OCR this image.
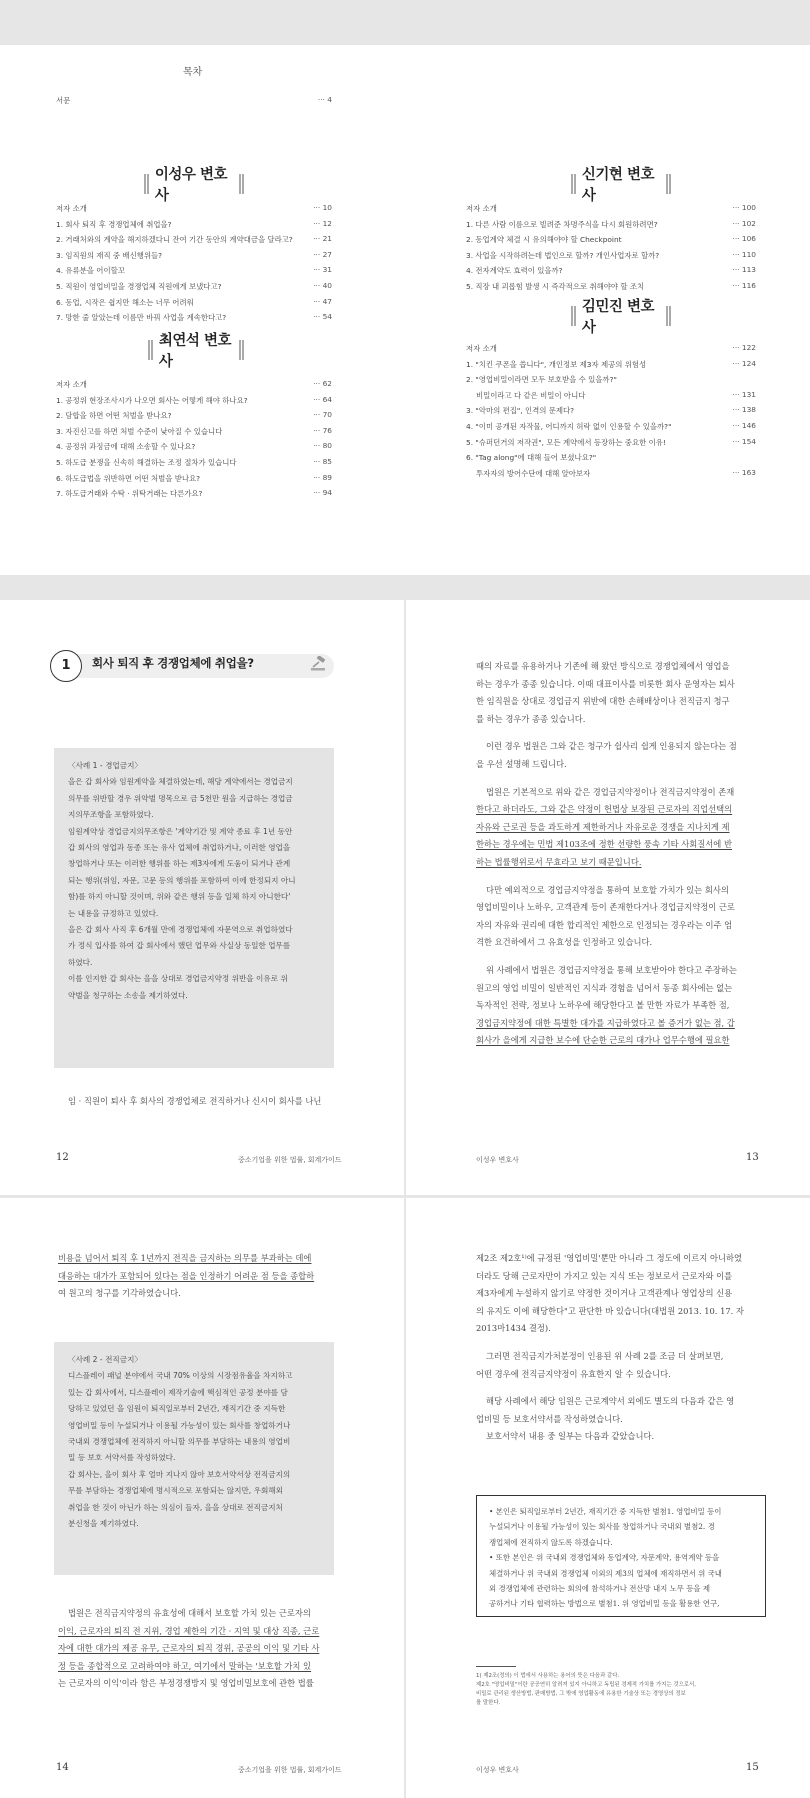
목차
서문	··· 4
이성우 변호사
최연석 변호사
신기현 변호사
김민진 변호사
저자 소개	··· 10
1. 회사 퇴직 후 경쟁업체에 취업을?	··· 12
2. 거래처와의 계약을 해지하겠다니 잔여 기간 동안의 계약대금을 달라고?	··· 21
3. 임직원의 재직 중 배신행위들?	··· 27
4. 유류분을 어이할꼬	··· 31
5. 직원이 영업비밀을 경쟁업체 직원에게 보냈다고?	··· 40
6. 동업, 시작은 쉽지만 해소는 너무 어려워	··· 47
7. 망한 줄 알았는데 이름만 바꿔 사업을 계속한다고?	··· 54
저자 소개	··· 62
1. 공정위 현장조사시가 나오면 회사는 어떻게 해야 하나요?	··· 64
2. 담합을 하면 어떤 처벌을 받나요?	··· 70
3. 자진신고를 하면 처벌 수준이 낮아질 수 있습니다	··· 76
4. 공정위 과징금에 대해 소송할 수 있나요?	··· 80
5. 하도급 분쟁을 신속히 해결하는 조정 절차가 있습니다	··· 85
6. 하도급법을 위반하면 어떤 처벌을 받나요?	··· 89
7. 하도급거래와 수탁 · 위탁거래는 다른가요?	··· 94
저자 소개	··· 100
1. 다른 사람 이름으로 빌려준 차명주식을 다시 회원하려면?	··· 102
2. 동업계약 체결 시 유의해야야 할 Checkpoint	··· 106
3. 사업을 시작하려는데 법인으로 할까? 개인사업자로 할까?	··· 110
4. 전자계약도 효력이 있을까?	··· 113
5. 직장 내 괴롭힘 발생 시 즉각적으로 취해야야 할 조치	··· 116
저자 소개	··· 122
1. "치킨 쿠폰을 씁니다", 개인정보 제3자 제공의 위험성	··· 124
2. "영업비밀이라면 모두 보호받을 수 있을까?"
비밀이라고 다 같은 비밀이 아니다	··· 131
3. "악마의 편집", 인격의 문제다?	··· 138
4. "이미 공개된 자작물, 어디까지 허락 없이 인용할 수 있을까?"	··· 146
5. "슈퍼던거의 저작권", 모든 계약에서 등장하는 중요한 이유!	··· 154
6. "Tag along"에 대해 들어 보셨나요?"
투자자의 방어수단에 대해 알아보자	··· 163
1	회사 퇴직 후 경쟁업체에 취업을?
〈사례 1 - 경업금지〉
을은 갑 회사와 임원계약을 체결하였는데, 해당 계약에서는 경업금지
의무를 위반할 경우 위약벌 명목으로 금 5천만 원을 지급하는 경업금
지의무조항을 포함하였다.
임원계약상 경업금지의무조항은 '계약기간 및 계약 종료 후 1년 동안
갑 회사의 영업과 동종 또는 유사 업체에 취업하거나, 이러한 영업을
창업하거나 또는 이러한 행위를 하는 제3자에게 도움이 되거나 관계
되는 행위(위임, 자문, 고문 등의 행위를 포함하여 이에 한정되지 아니
함)를 하지 아니할 것이며, 위와 같은 행위 등을 일체 하지 아니한다'
는 내용을 규정하고 있었다.
을은 갑 회사 사직 후 6개월 만에 경쟁업체에 자문역으로 취업하였다
가 정식 입사를 하여 갑 회사에서 했던 업무와 사실상 동일한 업무를
하였다.
이를 인지한 갑 회사는 을을 상대로 경업금지약정 위반을 이유로 위
약벌을 청구하는 소송을 제기하였다.
임 · 직원이 퇴사 후 회사의 경쟁업체로 전직하거나 신시이 회사를 나닌
12	중소기업을 위한 법률, 회계가이드
때의 자료를 유용하거나 기존에 해 왔던 방식으로 경쟁업체에서 영업을
하는 경우가 종종 있습니다. 이때 대표이사를 비롯한 회사 운영자는 퇴사
한 임직원을 상대로 경업금지 위반에 대한 손해배상이나 전직금지 청구
를 하는 경우가 종종 있습니다.
이런 경우 법원은 그와 같은 청구가 쉽사리 쉽게 인용되지 않는다는 점
을 우선 설명해 드립니다.
법원은 기본적으로 위와 같은 경업금지약정이나 전직금지약정이 존재
한다고 하더라도, 그와 같은 약정이 헌법상 보장된 근로자의 직업선택의
자유와 근로권 등을 과도하게 제한하거나 자유로운 경쟁을 지나치게 제
한하는 경우에는 민법 제103조에 정한 선량한 풍속 기타 사회질서에 반
하는 법률행위로서 무효라고 보기 때문입니다.
다만 예외적으로 경업금지약정을 통하여 보호할 가치가 있는 회사의
영업비밀이나 노하우, 고객관계 등이 존재한다거나 경업금지약정이 근로
자의 자유와 권리에 대한 합리적인 제한으로 인정되는 경우라는 이주 엄
격한 요건하에서 그 유효성을 인정하고 있습니다.
위 사례에서 법원은 경업금지약정을 통해 보호받아야 한다고 주장하는
원고의 영업 비밀이 일반적인 지식과 경험을 넘어서 동종 회사에는 없는
독자적인 전략, 정보나 노하우에 해당한다고 볼 만한 자료가 부족한 점,
경업금지약정에 대한 특별한 대가를 지급하였다고 볼 증거가 없는 점, 갑
회사가 을에게 지급한 보수에 단순한 근로의 대가나 업무수행에 필요한
이성우 변호사	13
비용을 넘어서 퇴직 후 1년까지 전직을 금지하는 의무를 부과하는 데에
대응하는 대가가 포함되어 있다는 점을 인정하기 어려운 점 등을 종합하
여 원고의 청구를 기각하였습니다.
〈사례 2 - 전직금지〉
디스플레이 패널 분야에서 국내 70% 이상의 시장점유율을 차지하고
있는 갑 회사에서, 디스플레이 제작기술에 핵심적인 공정 분야를 담
당하고 있었던 을 임원이 퇴직일로부터 2년간, 재직기간 중 지득한
영업비밀 등이 누설되거나 이용될 가능성이 있는 회사를 창업하거나
국내외 경쟁업체에 전직하지 아니할 의무를 부담하는 내용의 영업비
밀 등 보호 서약서를 작성하였다.
갑 회사는, 을이 회사 후 얼마 지나지 않아 보호서약서상 전직금지의
무를 부담하는 경쟁업체에 명시적으로 포함되는 않지만, 우회해외
취업을 한 것이 아닌가 하는 의심이 들자, 을을 상대로 전직금지처
분신청을 제기하였다.
법원은 전직금지약정의 유효성에 대해서 보호할 가치 있는 근로자의
이익, 근로자의 퇴직 전 지위, 경업 제한의 기간 · 지역 및 대상 직종, 근로
자에 대한 대가의 제공 유무, 근로자의 퇴직 경위, 공공의 이익 및 기타 사
정 등을 종합적으로 고려하여야 하고, 여기에서 말하는 '보호할 가치 있
는 근로자의 이익'이라 함은 부정경쟁방지 및 영업비밀보호에 관한 법률
14	중소기업을 위한 법률, 회계가이드
제2조 제2호¹⁾에 규정된 '영업비밀'뿐만 아니라 그 정도에 이르지 아니하였
더라도 당해 근로자만이 가지고 있는 지식 또는 정보로서 근로자와 이를
제3자에게 누설하지 않기로 약정한 것이거나 고객관계나 영업상의 신용
의 유지도 이에 해당한다"고 판단한 바 있습니다(대법원 2013. 10. 17. 자
2013마1434 결정).
그러면 전직금지가처분정이 인용된 위 사례 2를 조금 더 살펴보면,
어떤 경우에 전직금지약정이 유효한지 알 수 있습니다.
해당 사례에서 해당 임원은 근로계약서 외에도 별도의 다음과 같은 영
업비밀 등 보호서약서를 작성하였습니다.
보호서약서 내용 중 일부는 다음과 같았습니다.
• 본인은 퇴직일로부터 2년간, 재직기간 중 지득한 별첨1. 영업비밀 등이
누설되거나 이용될 가능성이 있는 회사를 창업하거나 국내외 별첨2. 경
쟁업체에 전직하지 않도록 하겠습니다.
• 또한 본인은 위 국내외 경쟁업체와 동업계약, 자문계약, 용역계약 등을
체결하거나 위 국내외 경쟁업체 이외의 제3의 업체에 재직하면서 위 국내
외 경쟁업체에 관련하는 회의에 참석하거나 전산망 내지 노무 등을 제
공하거나 기타 협력하는 방법으로 별첨1. 위 영업비밀 등을 활용한 연구,
1) 제2조(정의) 이 법에서 사용하는 용어의 뜻은 다음과 같다.
제2호 "영업비밀"이란 공공연히 알려져 있지 아니하고 독립된 경제적 가치를 가지는 것으로서,
비밀로 관리된 생산방법, 판매방법, 그 밖에 영업활동에 유용한 기술상 또는 경영상의 정보
를 말한다.
이성우 변호사	15
